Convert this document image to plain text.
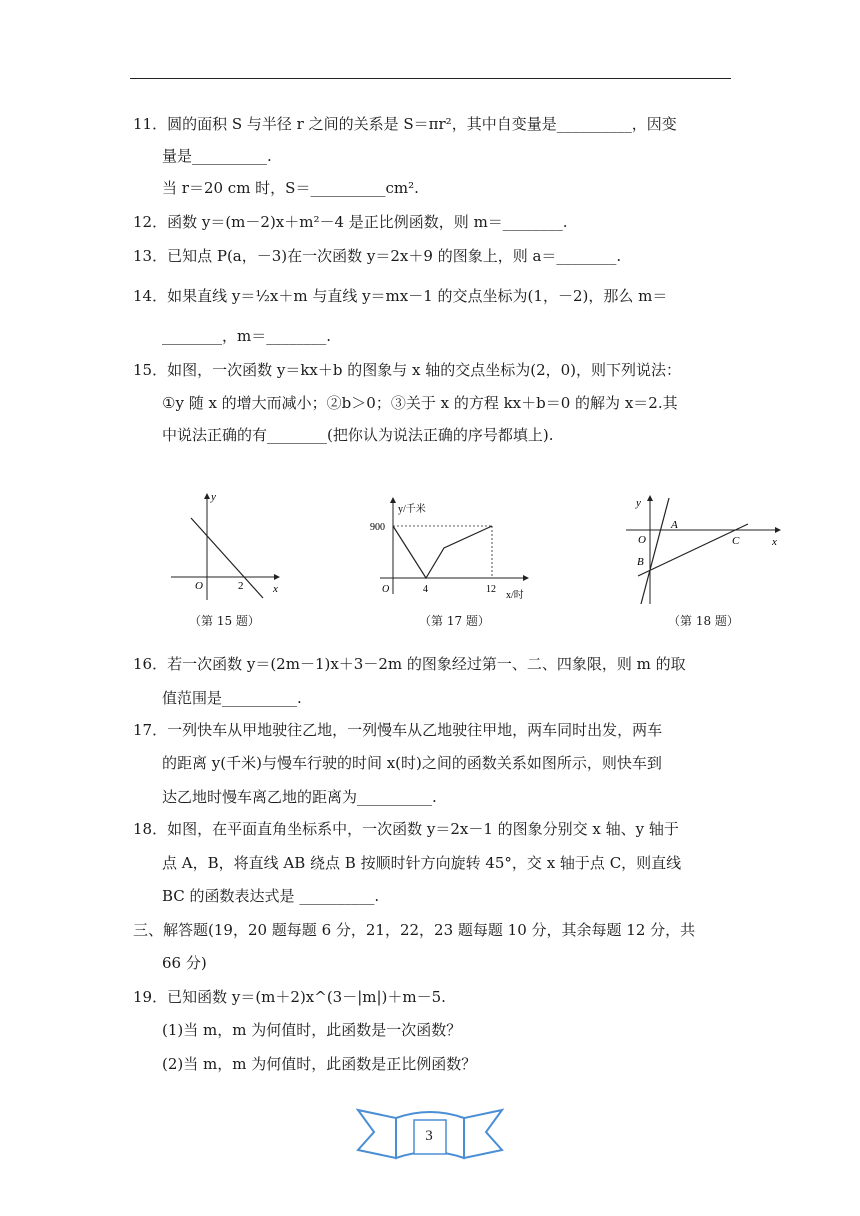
11．圆的面积 S 与半径 r 之间的关系是 S＝πr²，其中自变量是__________，因变
量是__________.
当 r＝20 cm 时，S＝__________cm².
12．函数 y＝(m－2)x＋m²－4 是正比例函数，则 m＝________.
13．已知点 P(a，－3)在一次函数 y＝2x＋9 的图象上，则 a＝________.
14．如果直线 y＝½x＋m 与直线 y＝mx－1 的交点坐标为(1，－2)，那么 m＝
________，m＝________.
15．如图，一次函数 y＝kx＋b 的图象与 x 轴的交点坐标为(2，0)，则下列说法：
①y 随 x 的增大而减小；②b＞0；③关于 x 的方程 kx＋b＝0 的解为 x＝2.其
中说法正确的有________(把你认为说法正确的序号都填上).
y
x
O	2
（第 15 题）
y/千米
900
O	4	12
x/时
（第 17 题）
y
x
O
A
B
C
（第 18 题）
16．若一次函数 y＝(2m－1)x＋3－2m 的图象经过第一、二、四象限，则 m 的取
值范围是__________.
17．一列快车从甲地驶往乙地，一列慢车从乙地驶往甲地，两车同时出发，两车
的距离 y(千米)与慢车行驶的时间 x(时)之间的函数关系如图所示，则快车到
达乙地时慢车离乙地的距离为__________.
18．如图，在平面直角坐标系中，一次函数 y＝2x－1 的图象分别交 x 轴、y 轴于
点 A，B，将直线 AB 绕点 B 按顺时针方向旋转 45°，交 x 轴于点 C，则直线
BC 的函数表达式是 __________.
三、解答题(19，20 题每题 6 分，21，22，23 题每题 10 分，其余每题 12 分，共
66 分)
19．已知函数 y＝(m＋2)x^(3－|m|)＋m－5.
(1)当 m，m 为何值时，此函数是一次函数？
(2)当 m，m 为何值时，此函数是正比例函数？
3
